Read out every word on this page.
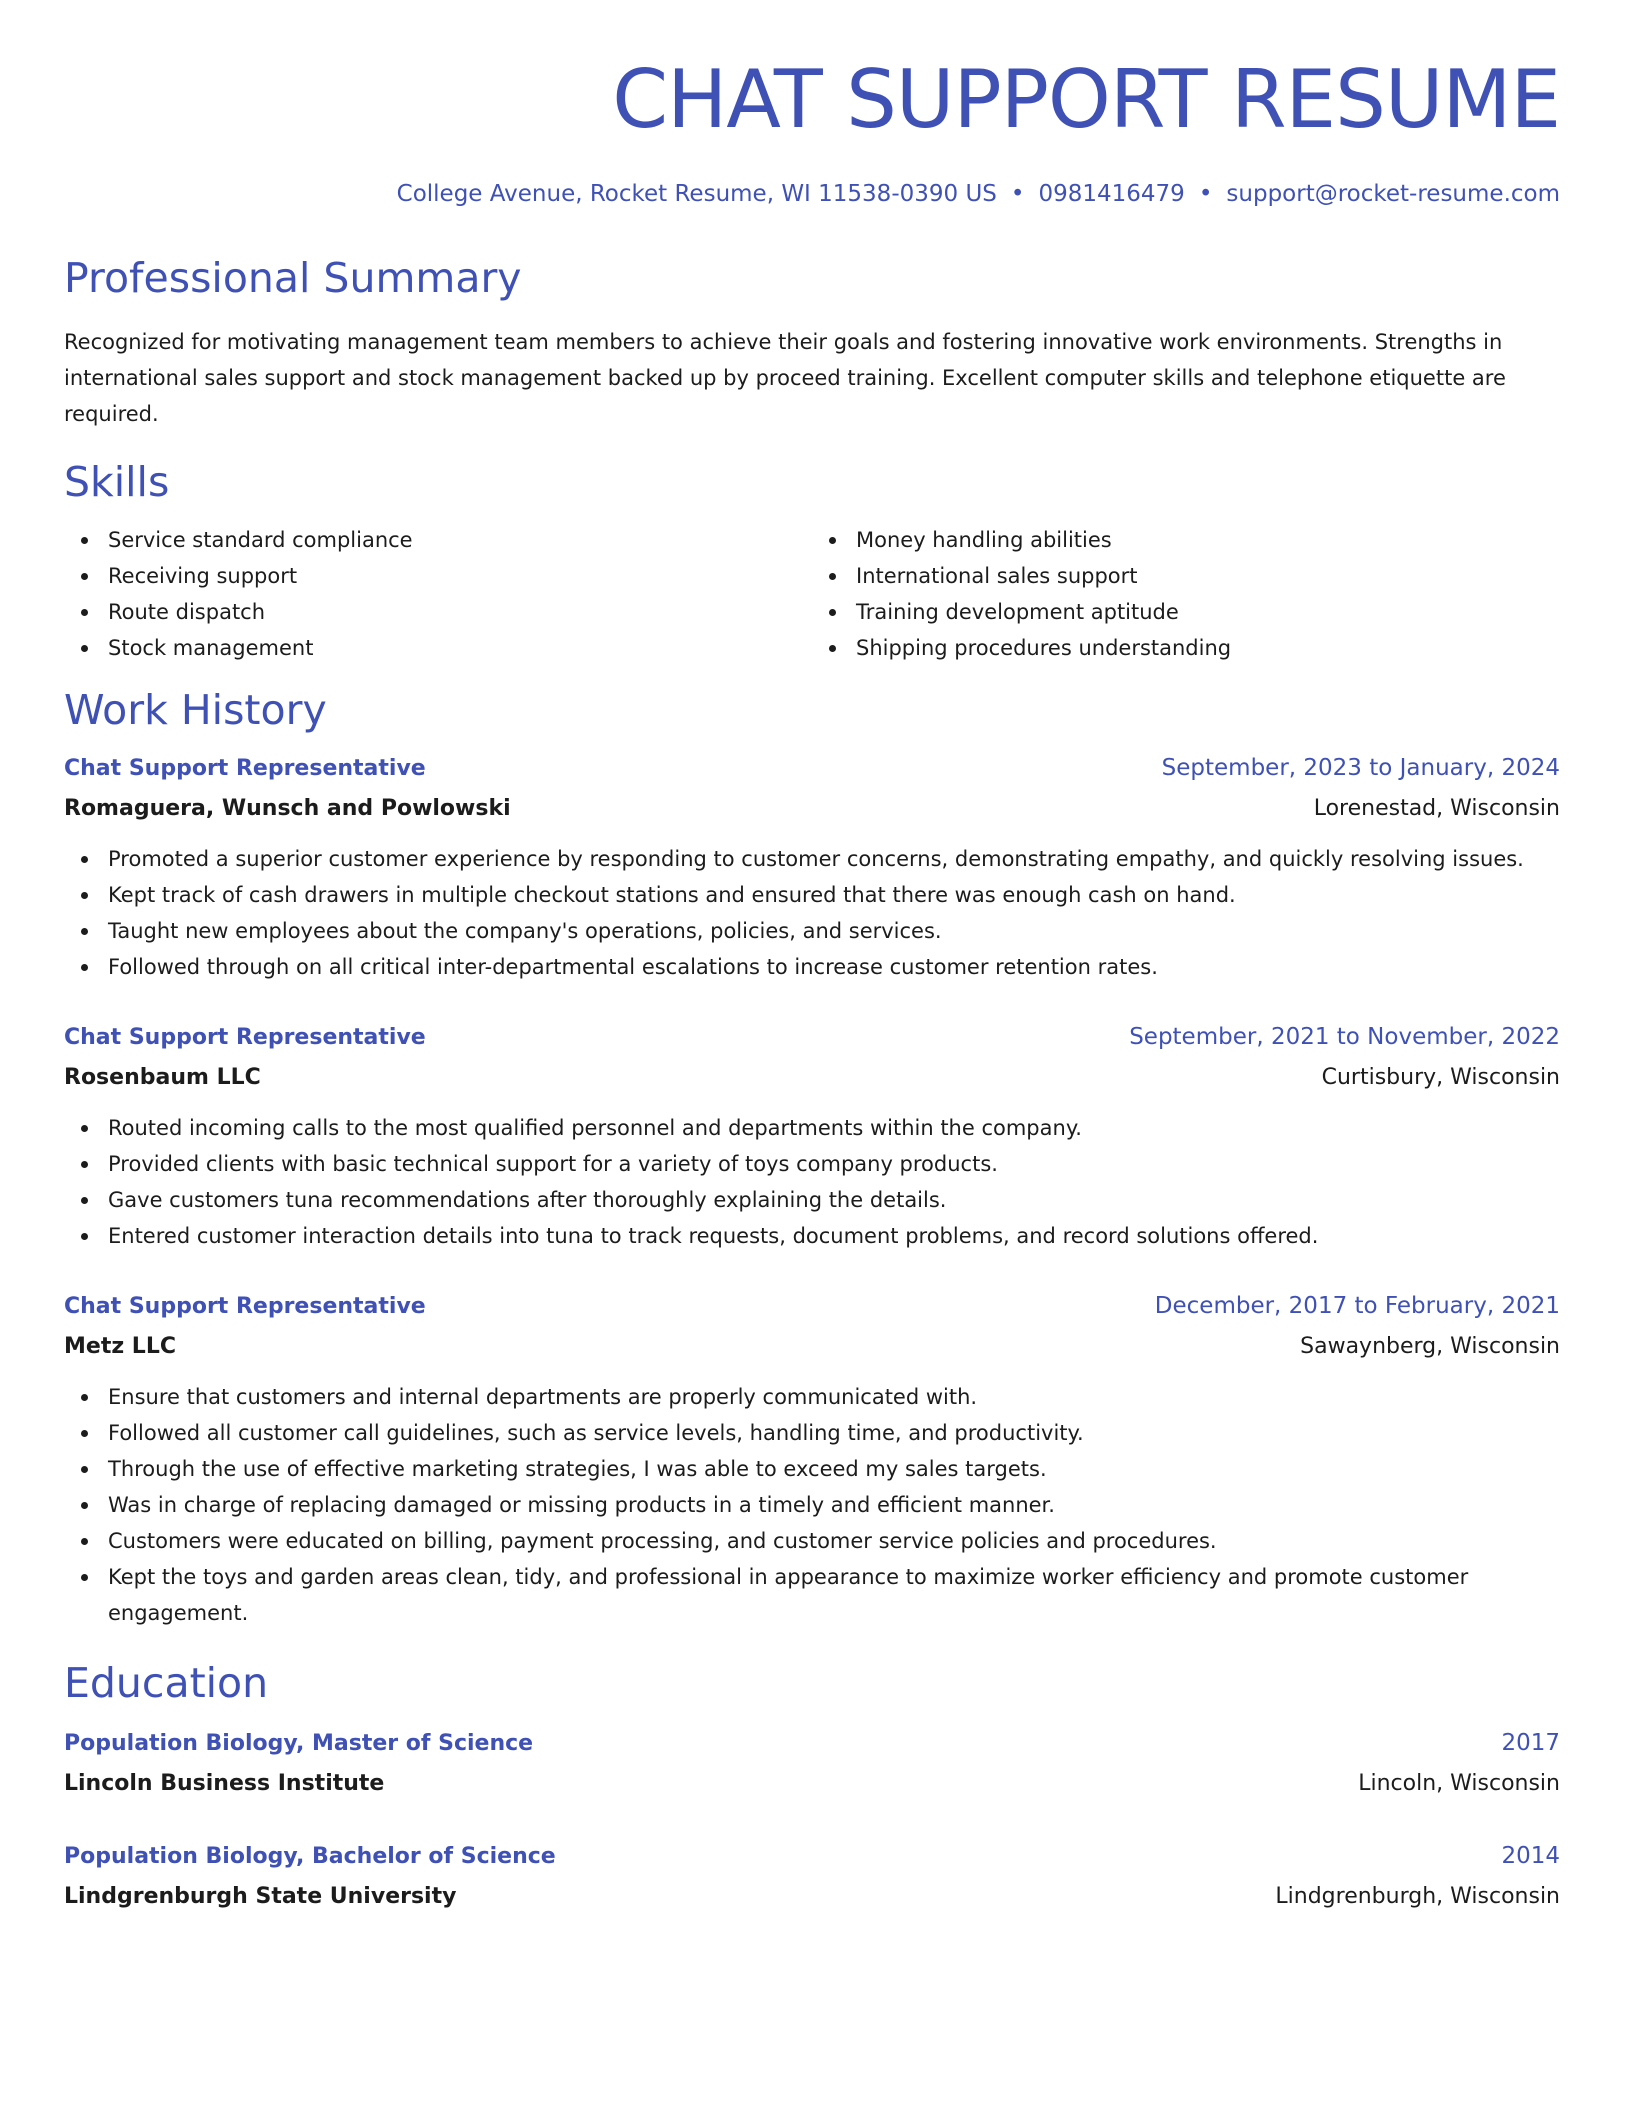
CHAT SUPPORT RESUME
College Avenue, Rocket Resume, WI 11538-0390 US • 0981416479 • support@rocket-resume.com
Professional Summary

Recognized for motivating management team members to achieve their goals and fostering innovative work environments. Strengths in international sales support and stock management backed up by proceed training. Excellent computer skills and telephone etiquette are required.

Skills
Service standard compliance
Receiving support
Route dispatch
Stock management
Money handling abilities
International sales support
Training development aptitude
Shipping procedures understanding
Work History
Chat Support Representative	September, 2023 to January, 2024
Romaguera, Wunsch and Powlowski	Lorenestad, Wisconsin
Promoted a superior customer experience by responding to customer concerns, demonstrating empathy, and quickly resolving issues.
Kept track of cash drawers in multiple checkout stations and ensured that there was enough cash on hand.
Taught new employees about the company's operations, policies, and services.
Followed through on all critical inter-departmental escalations to increase customer retention rates.
Chat Support Representative	September, 2021 to November, 2022
Rosenbaum LLC	Curtisbury, Wisconsin
Routed incoming calls to the most qualified personnel and departments within the company.
Provided clients with basic technical support for a variety of toys company products.
Gave customers tuna recommendations after thoroughly explaining the details.
Entered customer interaction details into tuna to track requests, document problems, and record solutions offered.
Chat Support Representative	December, 2017 to February, 2021
Metz LLC	Sawaynberg, Wisconsin
Ensure that customers and internal departments are properly communicated with.
Followed all customer call guidelines, such as service levels, handling time, and productivity.
Through the use of effective marketing strategies, I was able to exceed my sales targets.
Was in charge of replacing damaged or missing products in a timely and efficient manner.
Customers were educated on billing, payment processing, and customer service policies and procedures.
Kept the toys and garden areas clean, tidy, and professional in appearance to maximize worker efficiency and promote customer engagement.
Education
Population Biology, Master of Science	2017
Lincoln Business Institute	Lincoln, Wisconsin
Population Biology, Bachelor of Science	2014
Lindgrenburgh State University	Lindgrenburgh, Wisconsin
